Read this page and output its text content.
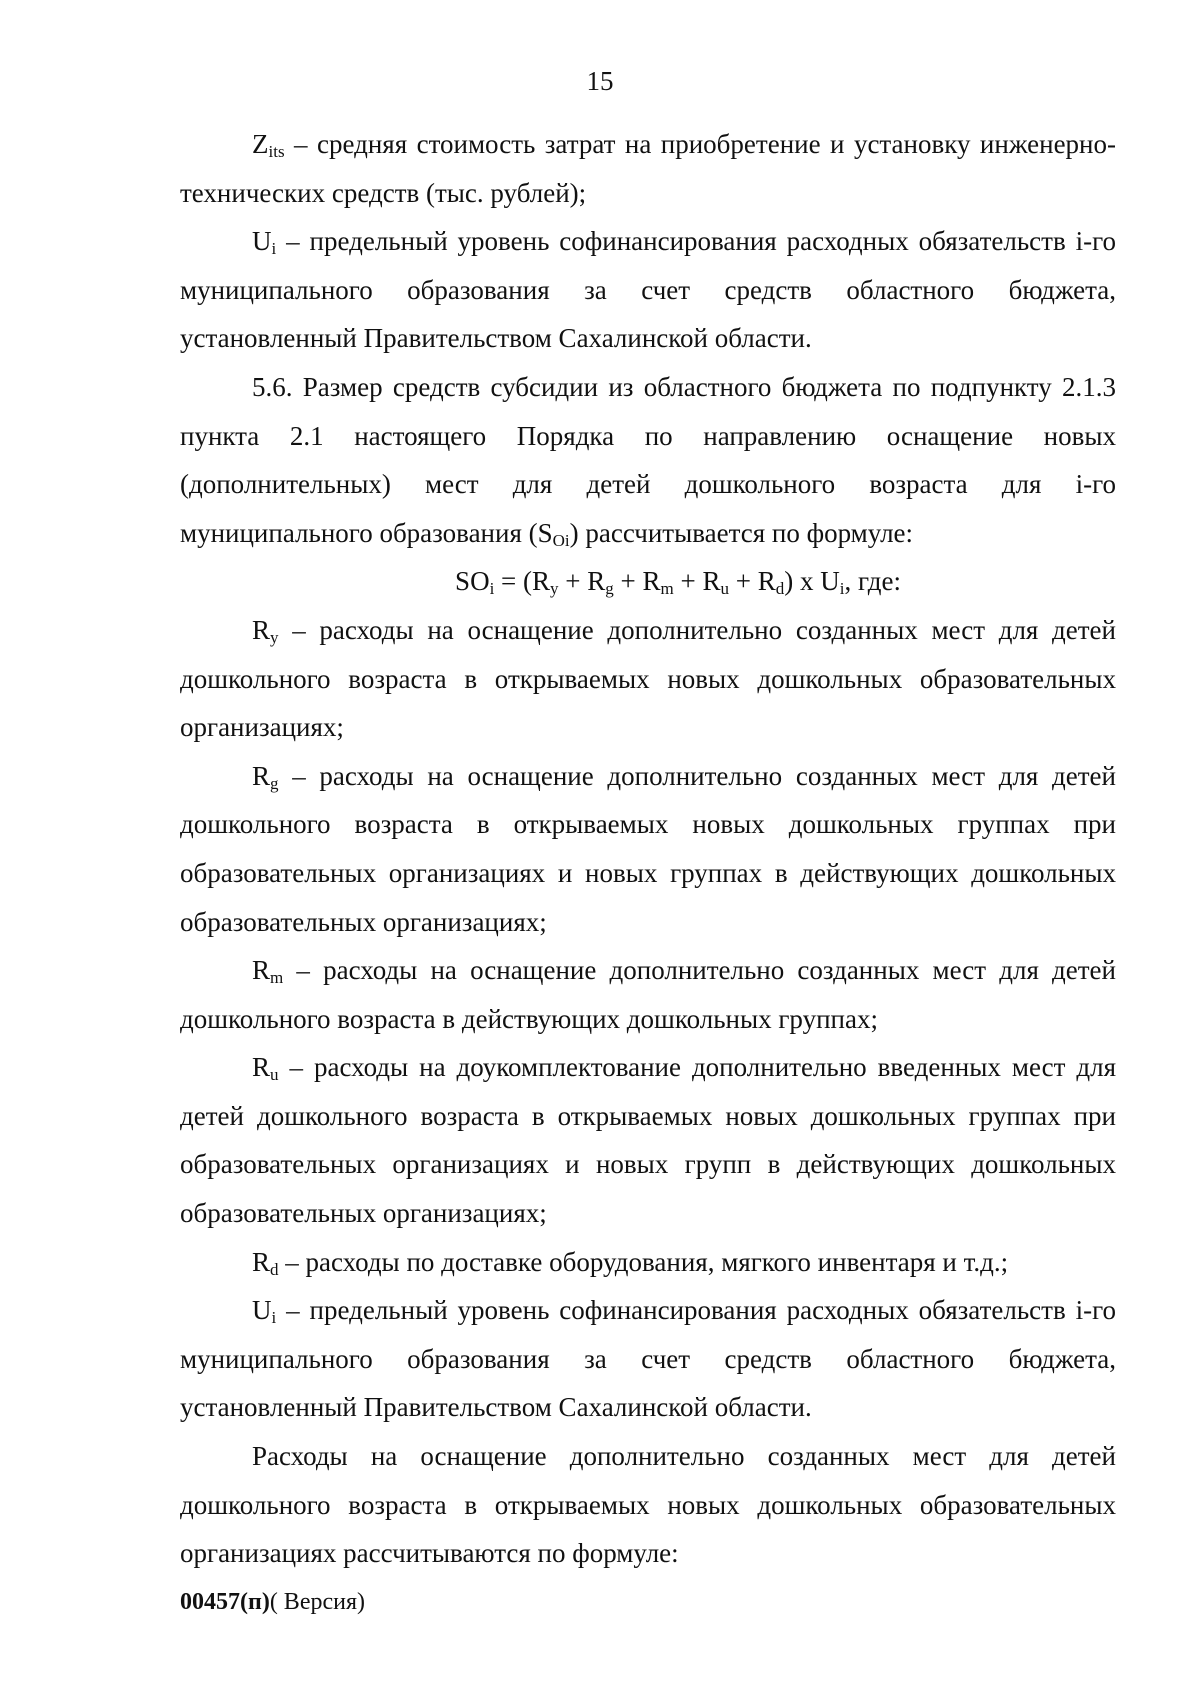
15

$Z_{its}$ – средняя стоимость затрат на приобретение и установку инженерно-технических средств (тыс. рублей);

$U_i$ – предельный уровень софинансирования расходных обязательств i-го муниципального образования за счет средств областного бюджета, установленный Правительством Сахалинской области.

5.6. Размер средств субсидии из областного бюджета по подпункту 2.1.3 пункта 2.1 настоящего Порядка по направлению оснащение новых (дополнительных) мест для детей дошкольного возраста для i-го муниципального образования $(S_{Oi})$ рассчитывается по формуле:

$SO_i = (R_y + R_g + R_m + R_u + R_d)$ x $U_i$, где:

$R_y$ – расходы на оснащение дополнительно созданных мест для детей дошкольного возраста в открываемых новых дошкольных образовательных организациях;

$R_g$ – расходы на оснащение дополнительно созданных мест для детей дошкольного возраста в открываемых новых дошкольных группах при образовательных организациях и новых группах в действующих дошкольных образовательных организациях;

$R_m$ – расходы на оснащение дополнительно созданных мест для детей дошкольного возраста в действующих дошкольных группах;

$R_u$ – расходы на доукомплектование дополнительно введенных мест для детей дошкольного возраста в открываемых новых дошкольных группах при образовательных организациях и новых групп в действующих дошкольных образовательных организациях;

$R_d$ – расходы по доставке оборудования, мягкого инвентаря и т.д.;

$U_i$ – предельный уровень софинансирования расходных обязательств i-го муниципального образования за счет средств областного бюджета, установленный Правительством Сахалинской области.

Расходы на оснащение дополнительно созданных мест для детей дошкольного возраста в открываемых новых дошкольных образовательных организациях рассчитываются по формуле:

00457(п)( Версия)
